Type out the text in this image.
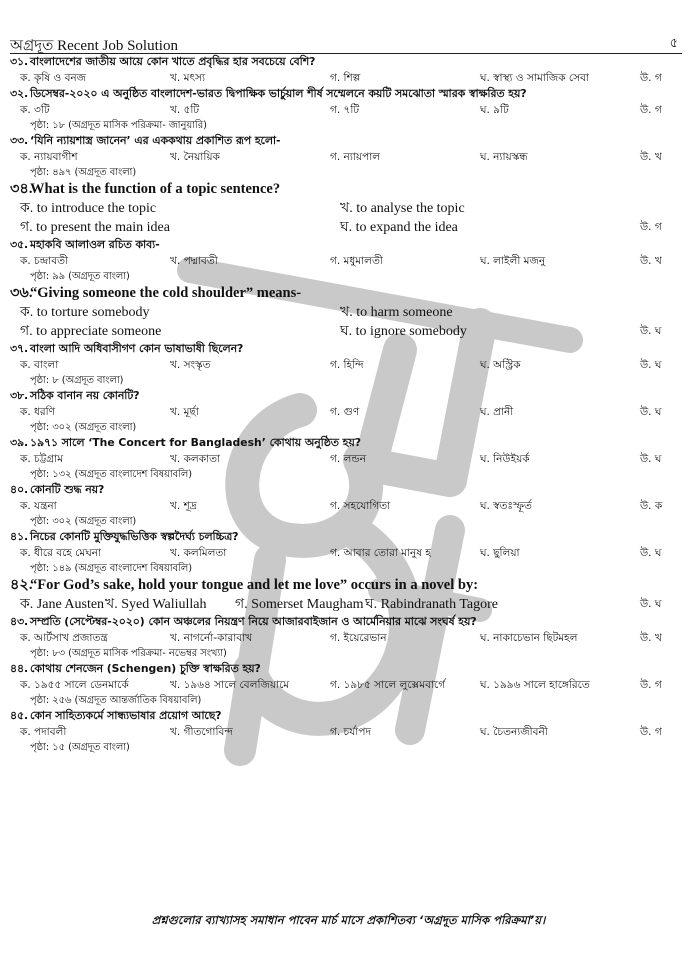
অগ্রদূত Recent Job Solution	৫
৩১. বাংলাদেশের জাতীয় আয়ে কোন খাতে প্রবৃদ্ধির হার সবচেয়ে বেশি?
ক. কৃষি ও বনজ	খ. মৎস্য	গ. শিল্প	ঘ. স্বাস্থ্য ও সামাজিক সেবা	উ. গ
৩২. ডিসেম্বর-২০২০ এ অনুষ্ঠিত বাংলাদেশ-ভারত দ্বিপাক্ষিক ভার্চুয়াল শীর্ষ সম্মেলনে কয়টি সমঝোতা স্মারক স্বাক্ষরিত হয়?
ক. ৩টি	খ. ৫টি	গ. ৭টি	ঘ. ৯টি	উ. গ
পৃষ্ঠা: ১৮ (অগ্রদূত মাসিক পরিক্রমা- জানুয়ারি)
৩৩. ‘যিনি ন্যায়শাস্ত্র জানেন’ এর এককথায় প্রকাশিত রূপ হলো-
ক. ন্যায়বাগীশ	খ. নৈয়ায়িক	গ. ন্যায়পাল	ঘ. ন্যায়স্কন্ধ	উ. খ
পৃষ্ঠা: ৪৯৭ (অগ্রদূত বাংলা)
৩৪.
What is the function of a topic sentence?
ক. to introduce the topic	খ. to analyse the topic
গ. to present the main idea	ঘ. to expand the idea	উ. গ
৩৫. মহাকবি আলাওল রচিত কাব্য-
ক. চন্দ্রাবতী	খ. পদ্মাবতী	গ. মধুমালতী	ঘ. লাইলী মজনু	উ. খ
পৃষ্ঠা: ৯৯ (অগ্রদূত বাংলা)
৩৬.
“Giving someone the cold shoulder” means-
ক. to torture somebody	খ. to harm someone
গ. to appreciate someone	ঘ. to ignore somebody	উ. ঘ
৩৭. বাংলা আদি অধিবাসীগণ কোন ভাষাভাষী ছিলেন?
ক. বাংলা	খ. সংস্কৃত	গ. হিন্দি	ঘ. অস্ট্রিক	উ. ঘ
পৃষ্ঠা: ৮ (অগ্রদূত বাংলা)
৩৮. সঠিক বানান নয় কোনটি?
ক. ধরণি	খ. মূর্ছা	গ. গুণ	ঘ. প্রানী	উ. ঘ
পৃষ্ঠা: ৩০২ (অগ্রদূত বাংলা)
৩৯. ১৯৭১ সালে ‘The Concert for Bangladesh’ কোথায় অনুষ্ঠিত হয়?
ক. চট্টগ্রাম	খ. কলকাতা	গ. লন্ডন	ঘ. নিউইয়র্ক	উ. ঘ
পৃষ্ঠা: ১৩২ (অগ্রদূত বাংলাদেশ বিষয়াবলি)
৪০. কোনটি শুদ্ধ নয়?
ক. যন্ত্রনা	খ. শূদ্র	গ. সহযোগিতা	ঘ. স্বতঃস্ফূর্ত	উ. ক
পৃষ্ঠা: ৩০২ (অগ্রদূত বাংলা)
৪১. নিচের কোনটি মুক্তিযুদ্ধভিত্তিক স্বল্পদৈর্ঘ্য চলচ্চিত্র?
ক. ধীরে বহে মেঘনা	খ. কলমিলতা	গ. আবার তোরা মানুষ হ	ঘ. ছুলিয়া	উ. ঘ
পৃষ্ঠা: ১৪৯ (অগ্রদূত বাংলাদেশ বিষয়াবলি)
৪২.
“For God’s sake, hold your tongue and let me love” occurs in a novel by:
ক. Jane Austen খ. Syed Waliullah গ. Somerset Maugham ঘ. Rabindranath Tagore	উ. ঘ
৪৩. সম্প্রতি (সেপ্টেম্বর-২০২০) কোন অঞ্চলের নিয়ন্ত্রণ নিয়ে আজারবাইজান ও আর্মেনিয়ার মাঝে সংঘর্ষ হয়?
ক. আর্টসাখ প্রজাতন্ত্র	খ. নাগর্নো-কারাবাখ	গ. ইয়েরেভান	ঘ. নাকাচেভান ছিটমহল	উ. খ
পৃষ্ঠা: ৮৩ (অগ্রদূত মাসিক পরিক্রমা- নভেম্বর সংখ্যা)
৪৪. কোথায় শেনজেন (Schengen) চুক্তি স্বাক্ষরিত হয়?
ক. ১৯৫৫ সালে ডেনমার্কে	খ. ১৯৬৪ সালে বেলজিয়ামে	গ. ১৯৮৫ সালে লুক্সেমবার্গে	ঘ. ১৯৯৬ সালে হাঙ্গেরিতে	উ. গ
পৃষ্ঠা: ২৫৬ (অগ্রদূত আন্তর্জাতিক বিষয়াবলি)
৪৫. কোন সাহিত্যকর্মে সান্ধ্যভাষার প্রয়োগ আছে?
ক. পদাবলী	খ. গীতগোবিন্দ	গ. চর্যাপদ	ঘ. চৈতন্যজীবনী	উ. গ
পৃষ্ঠা: ১৫ (অগ্রদূত বাংলা)
প্রশ্নগুলোর ব্যাখ্যাসহ সমাধান পাবেন মার্চ মাসে প্রকাশিতব্য ‘অগ্রদূত মাসিক পরিক্রমা’য়।
